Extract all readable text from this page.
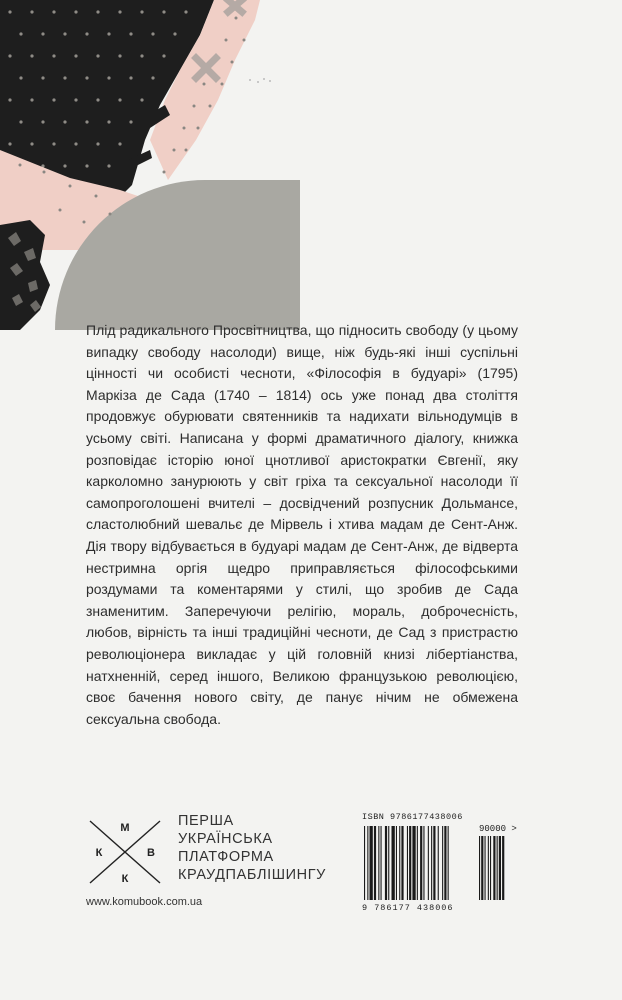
Плід радикального Просвітництва, що підносить свободу (у цьому випадку свободу насолоди) вище, ніж будь-які інші суспільні цінності чи особисті чесноти, «Філософія в будуарі» (1795) Маркіза де Сада (1740 – 1814) ось уже понад два століття продовжує обурювати святенників та надихати вільнодумців в усьому світі. Написана у формі драматичного діалогу, книжка розповідає історію юної цнотливої аристократки Євгенії, яку карколомно занурюють у світ гріха та сексуальної насолоди її самопроголошені вчителі – досвідчений розпусник Дольмансе, сластолюбний шевальє де Мірвель і хтива мадам де Сент-Анж. Дія твору відбувається в будуарі мадам де Сент-Анж, де відверта нестримна оргія щедро приправляється філософськими роздумами та коментарями у стилі, що зробив де Сада знаменитим. Заперечуючи релігію, мораль, доброчесність, любов, вірність та інші традиційні чесноти, де Сад з пристрастю революціонера викладає у цій головній книзі лібертіанства, натхненній, серед іншого, Великою французькою революцією, своє бачення нового світу, де панує нічим не обмежена сексуальна свобода.
М
К	В
К
ПЕРША
УКРАЇНСЬКА
ПЛАТФОРМА
КРАУДПАБЛІШИНГУ
www.komubook.com.ua
ISBN 9786177438006
90000 >
9 786177 438006
